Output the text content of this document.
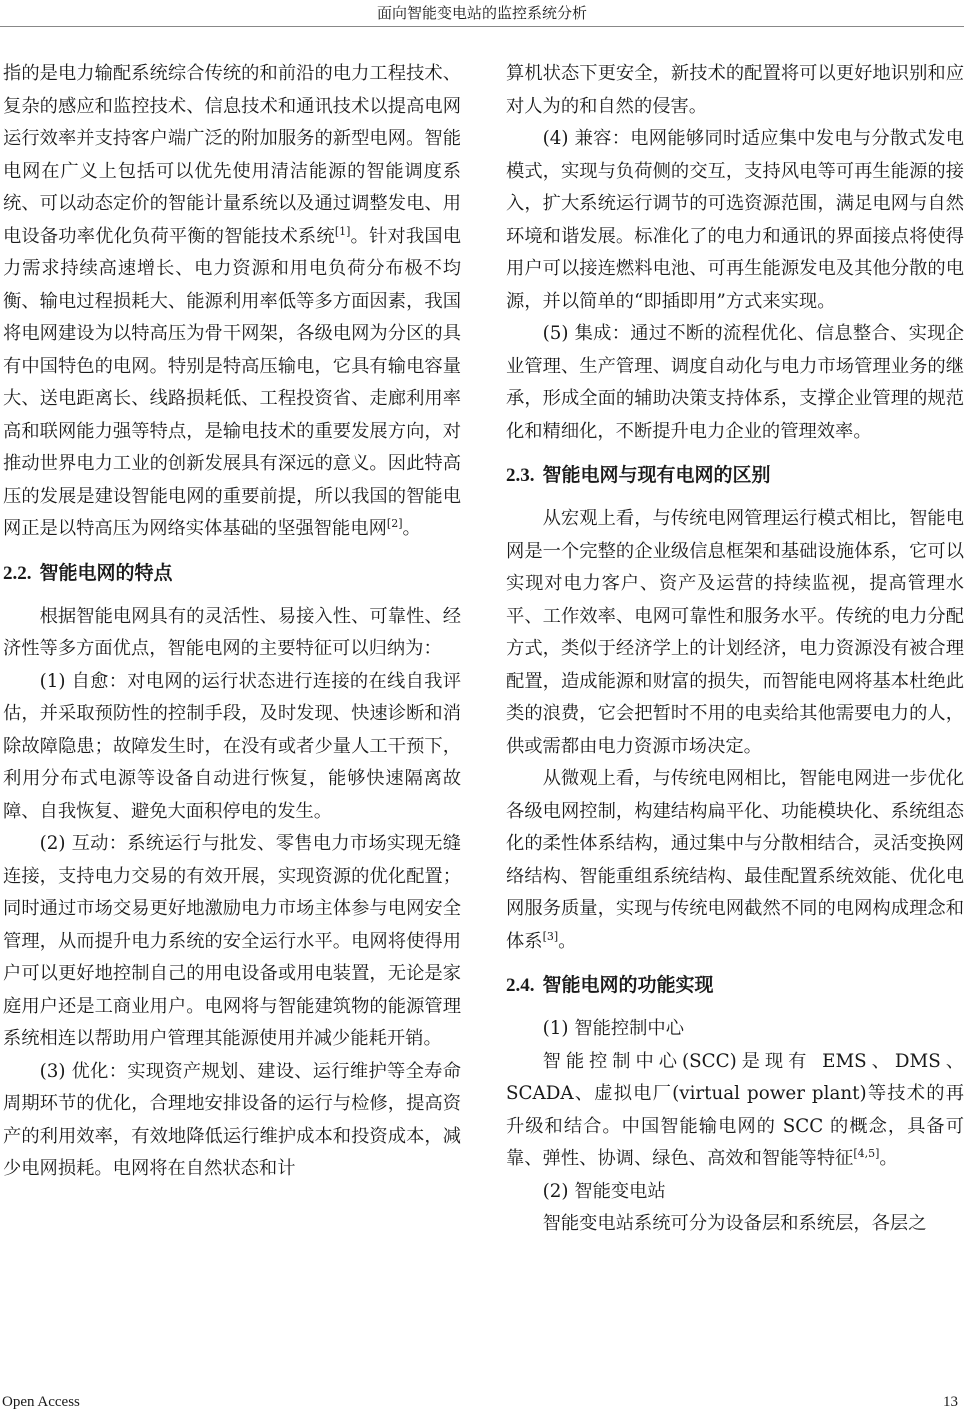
面向智能变电站的监控系统分析

指的是电力输配系统综合传统的和前沿的电力工程技术、复杂的感应和监控技术、信息技术和通讯技术以提高电网运行效率并支持客户端广泛的附加服务的新型电网。智能电网在广义上包括可以优先使用清洁能源的智能调度系统、可以动态定价的智能计量系统以及通过调整发电、用电设备功率优化负荷平衡的智能技术系统[1]。针对我国电力需求持续高速增长、电力资源和用电负荷分布极不均衡、输电过程损耗大、能源利用率低等多方面因素，我国将电网建设为以特高压为骨干网架，各级电网为分区的具有中国特色的电网。特别是特高压输电，它具有输电容量大、送电距离长、线路损耗低、工程投资省、走廊利用率高和联网能力强等特点，是输电技术的重要发展方向，对推动世界电力工业的创新发展具有深远的意义。因此特高压的发展是建设智能电网的重要前提，所以我国的智能电网正是以特高压为网络实体基础的坚强智能电网[2]。

2.2. 智能电网的特点

根据智能电网具有的灵活性、易接入性、可靠性、经济性等多方面优点，智能电网的主要特征可以归纳为：

(1) 自愈：对电网的运行状态进行连接的在线自我评估，并采取预防性的控制手段，及时发现、快速诊断和消除故障隐患；故障发生时，在没有或者少量人工干预下，利用分布式电源等设备自动进行恢复，能够快速隔离故障、自我恢复、避免大面积停电的发生。

(2) 互动：系统运行与批发、零售电力市场实现无缝连接，支持电力交易的有效开展，实现资源的优化配置；同时通过市场交易更好地激励电力市场主体参与电网安全管理，从而提升电力系统的安全运行水平。电网将使得用户可以更好地控制自己的用电设备或用电装置，无论是家庭用户还是工商业用户。电网将与智能建筑物的能源管理系统相连以帮助用户管理其能源使用并减少能耗开销。

(3) 优化：实现资产规划、建设、运行维护等全寿命周期环节的优化，合理地安排设备的运行与检修，提高资产的利用效率，有效地降低运行维护成本和投资成本，减少电网损耗。电网将在自然状态和计

算机状态下更安全，新技术的配置将可以更好地识别和应对人为的和自然的侵害。

(4) 兼容：电网能够同时适应集中发电与分散式发电模式，实现与负荷侧的交互，支持风电等可再生能源的接入，扩大系统运行调节的可选资源范围，满足电网与自然环境和谐发展。标准化了的电力和通讯的界面接点将使得用户可以接连燃料电池、可再生能源发电及其他分散的电源，并以简单的“即插即用”方式来实现。

(5) 集成：通过不断的流程优化、信息整合、实现企业管理、生产管理、调度自动化与电力市场管理业务的继承，形成全面的辅助决策支持体系，支撑企业管理的规范化和精细化，不断提升电力企业的管理效率。

2.3. 智能电网与现有电网的区别

从宏观上看，与传统电网管理运行模式相比，智能电网是一个完整的企业级信息框架和基础设施体系，它可以实现对电力客户、资产及运营的持续监视，提高管理水平、工作效率、电网可靠性和服务水平。传统的电力分配方式，类似于经济学上的计划经济，电力资源没有被合理配置，造成能源和财富的损失，而智能电网将基本杜绝此类的浪费，它会把暂时不用的电卖给其他需要电力的人，供或需都由电力资源市场决定。

从微观上看，与传统电网相比，智能电网进一步优化各级电网控制，构建结构扁平化、功能模块化、系统组态化的柔性体系结构，通过集中与分散相结合，灵活变换网络结构、智能重组系统结构、最佳配置系统效能、优化电网服务质量，实现与传统电网截然不同的电网构成理念和体系[3]。

2.4. 智能电网的功能实现

(1) 智能控制中心

智能控制中心(SCC)是现有 EMS、DMS、SCADA、虚拟电厂(virtual power plant)等技术的再升级和结合。中国智能输电网的 SCC 的概念，具备可靠、弹性、协调、绿色、高效和智能等特征[4,5]。

(2) 智能变电站

智能变电站系统可分为设备层和系统层，各层之

Open Access	13
